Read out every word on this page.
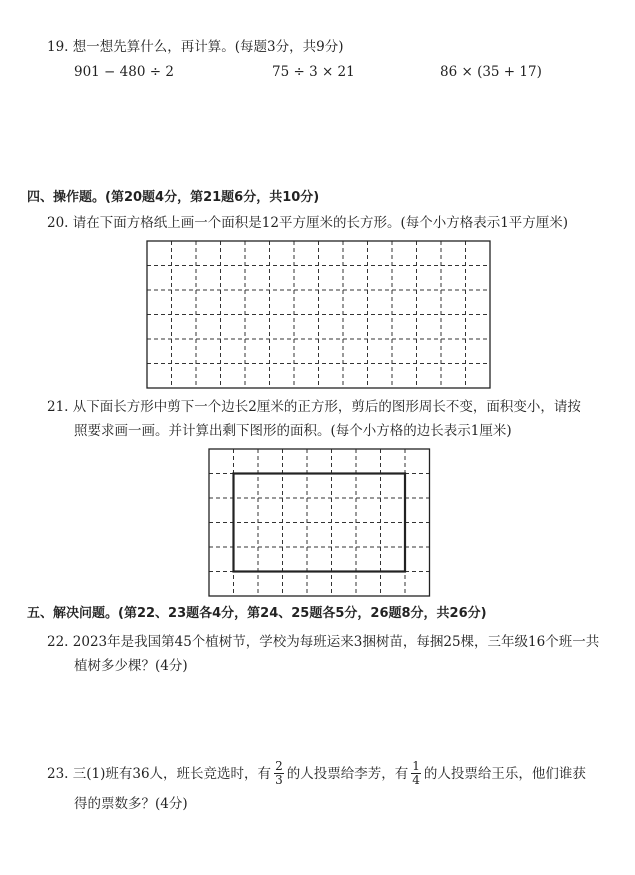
19. 想一想先算什么，再计算。(每题3分，共9分)
901 − 480 ÷ 2	75 ÷ 3 × 21	86 × (35 + 17)
四、操作题。(第20题4分，第21题6分，共10分)
20. 请在下面方格纸上画一个面积是12平方厘米的长方形。(每个小方格表示1平方厘米)
21. 从下面长方形中剪下一个边长2厘米的正方形，剪后的图形周长不变，面积变小，请按
照要求画一画。并计算出剩下图形的面积。(每个小方格的边长表示1厘米)
五、解决问题。(第22、23题各4分，第24、25题各5分，26题8分，共26分)
22. 2023年是我国第45个植树节，学校为每班运来3捆树苗，每捆25棵，三年级16个班一共
植树多少棵？(4分)
23. 三(1)班有36人，班长竞选时，有 $\frac{2}{3}$ 的人投票给李芳，有 $\frac{1}{4}$ 的人投票给王乐，他们谁获
得的票数多？(4分)
